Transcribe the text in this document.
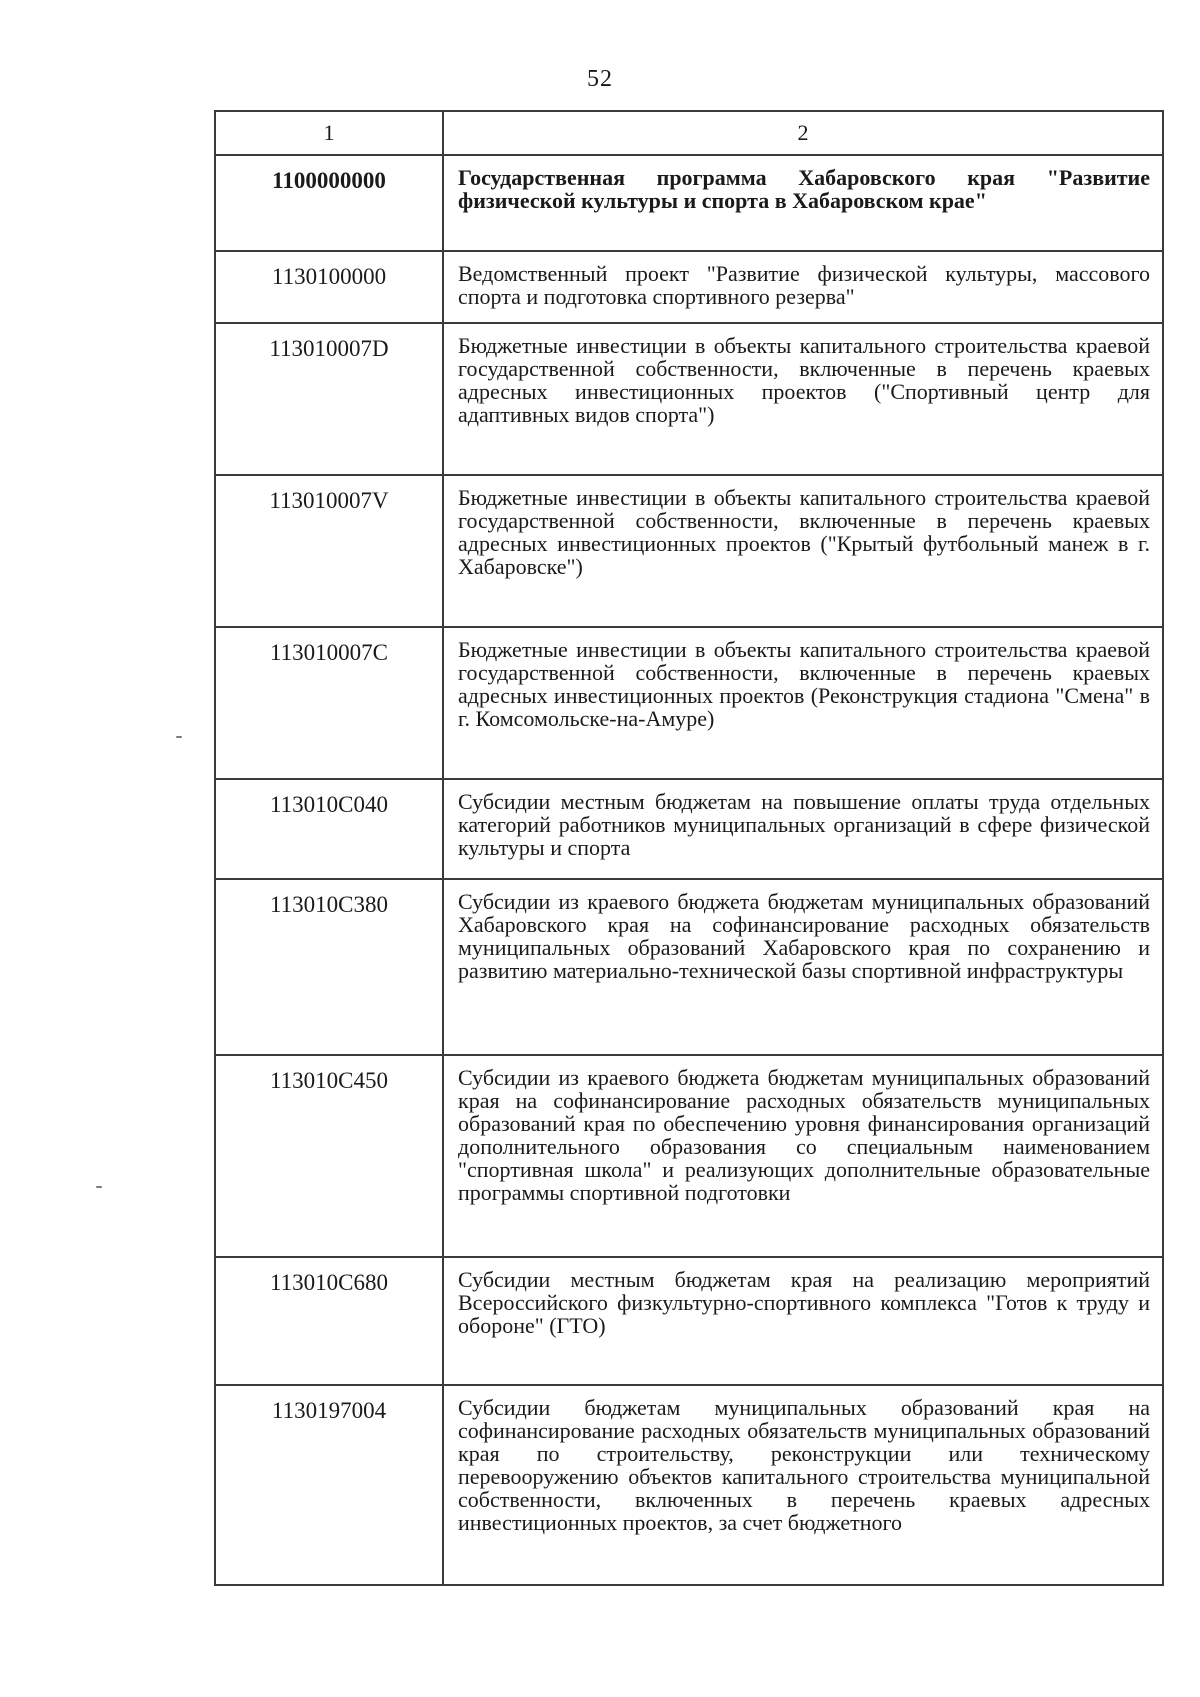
52
1	2
1100000000	Государственная программа Хабаровского края "Развитие физической культуры и спорта в Хабаровском крае"
1130100000	Ведомственный проект "Развитие физической культуры, массового спорта и подготовка спортивного резерва"
113010007D	Бюджетные инвестиции в объекты капитального строительства краевой государственной собственности, включенные в перечень краевых адресных инвестиционных проектов ("Спортивный центр для адаптивных видов спорта")
113010007V	Бюджетные инвестиции в объекты капитального строительства краевой государственной собственности, включенные в перечень краевых адресных инвестиционных проектов ("Крытый футбольный манеж в г. Хабаровске")
113010007C	Бюджетные инвестиции в объекты капитального строительства краевой государственной собственности, включенные в перечень краевых адресных инвестиционных проектов (Реконструкция стадиона "Смена" в г. Комсомольске-на-Амуре)
113010C040	Субсидии местным бюджетам на повышение оплаты труда отдельных категорий работников муниципальных организаций в сфере физической культуры и спорта
113010C380	Субсидии из краевого бюджета бюджетам муниципальных образований Хабаровского края на софинансирование расходных обязательств муниципальных образований Хабаровского края по сохранению и развитию материально-технической базы спортивной инфраструктуры
113010C450	Субсидии из краевого бюджета бюджетам муниципальных образований края на софинансирование расходных обязательств муниципальных образований края по обеспечению уровня финансирования организаций дополнительного образования со специальным наименованием "спортивная школа" и реализующих дополнительные образовательные программы спортивной подготовки
113010C680	Субсидии местным бюджетам края на реализацию мероприятий Всероссийского физкультурно-спортивного комплекса "Готов к труду и обороне" (ГТО)
1130197004	Субсидии бюджетам муниципальных образований края на софинансирование расходных обязательств муниципальных образований края по строительству, реконструкции или техническому перевооружению объектов капитального строительства муниципальной собственности, включенных в перечень краевых адресных инвестиционных проектов, за счет бюджетного
